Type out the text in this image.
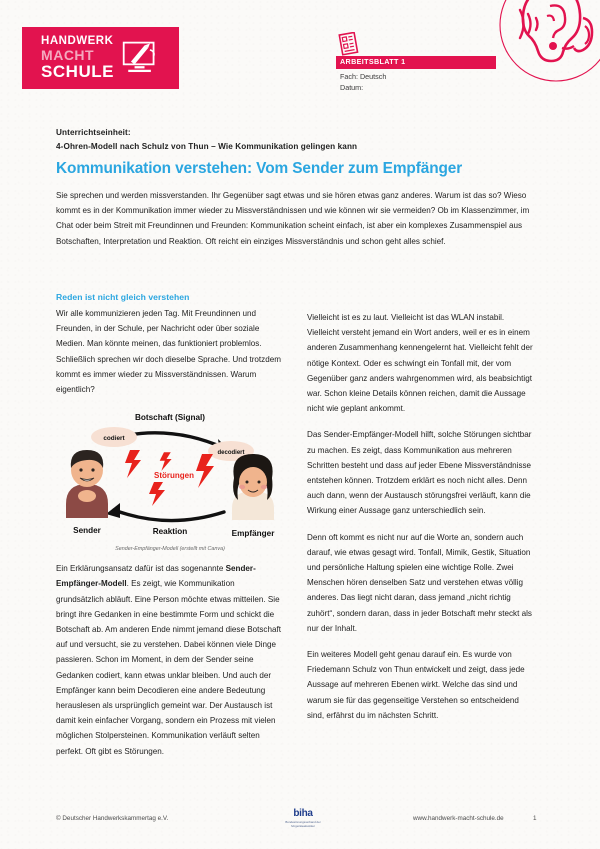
HANDWERK
MACHT
SCHULE
ARBEITSBLATT 1
Fach: Deutsch
Datum:
Unterrichtseinheit:
4-Ohren-Modell nach Schulz von Thun – Wie Kommunikation gelingen kann
Kommunikation verstehen: Vom Sender zum Empfänger

Sie sprechen und werden missverstanden. Ihr Gegenüber sagt etwas und sie hören etwas ganz anderes. Warum ist das so? Wieso kommt es in der Kommunikation immer wieder zu Missverständnissen und wie können wir sie vermeiden? Ob im Klassenzimmer, im Chat oder beim Streit mit Freundinnen und Freunden: Kommunikation scheint einfach, ist aber ein komplexes Zusammenspiel aus Botschaften, Interpretation und Reaktion. Oft reicht ein einziges Missverständnis und schon geht alles schief.

Reden ist nicht gleich verstehen

Wir alle kommunizieren jeden Tag. Mit Freundinnen und Freunden, in der Schule, per Nachricht oder über soziale Medien. Man könnte meinen, das funktioniert problemlos. Schließlich sprechen wir doch dieselbe Sprache. Und trotzdem kommt es immer wieder zu Missverständnissen. Warum eigentlich?

Botschaft (Signal)
Reaktion
codiert
decodiert
Störungen
Sender	Empfänger
Sender-Empfänger-Modell (erstellt mit Canva)

Ein Erklärungsansatz dafür ist das sogenannte Sender-Empfänger-Modell. Es zeigt, wie Kommunikation grundsätzlich abläuft. Eine Person möchte etwas mitteilen. Sie bringt ihre Gedanken in eine bestimmte Form und schickt die Botschaft ab. Am anderen Ende nimmt jemand diese Botschaft auf und versucht, sie zu verstehen. Dabei können viele Dinge passieren. Schon im Moment, in dem der Sender seine Gedanken codiert, kann etwas unklar bleiben. Und auch der Empfänger kann beim Decodieren eine andere Bedeutung herauslesen als ursprünglich gemeint war. Der Austausch ist damit kein einfacher Vorgang, sondern ein Prozess mit vielen möglichen Stolpersteinen. Kommunikation verläuft selten perfekt. Oft gibt es Störungen.

Vielleicht ist es zu laut. Vielleicht ist das WLAN instabil. Vielleicht versteht jemand ein Wort anders, weil er es in einem anderen Zusammenhang kennengelernt hat. Vielleicht fehlt der nötige Kontext. Oder es schwingt ein Tonfall mit, der vom Gegenüber ganz anders wahrgenommen wird, als beabsichtigt war. Schon kleine Details können reichen, damit die Aussage nicht wie geplant ankommt.

Das Sender-Empfänger-Modell hilft, solche Störungen sichtbar zu machen. Es zeigt, dass Kommunikation aus mehreren Schritten besteht und dass auf jeder Ebene Missverständnisse entstehen können. Trotzdem erklärt es noch nicht alles. Denn auch dann, wenn der Austausch störungsfrei verläuft, kann die Wirkung einer Aussage ganz unterschiedlich sein.

Denn oft kommt es nicht nur auf die Worte an, sondern auch darauf, wie etwas gesagt wird. Tonfall, Mimik, Gestik, Situation und persönliche Haltung spielen eine wichtige Rolle. Zwei Menschen hören denselben Satz und verstehen etwas völlig anderes. Das liegt nicht daran, dass jemand „nicht richtig zuhört“, sondern daran, dass in jeder Botschaft mehr steckt als nur der Inhalt.

Ein weiteres Modell geht genau darauf ein. Es wurde von Friedemann Schulz von Thun entwickelt und zeigt, dass jede Aussage auf mehreren Ebenen wirkt. Welche das sind und warum sie für das gegenseitige Verstehen so entscheidend sind, erfährst du im nächsten Schritt.

© Deutscher Handwerkskammertag e.V.	biha
Bundesinnungsverband der hörgeräteakustiker
www.handwerk-macht-schule.de	1
